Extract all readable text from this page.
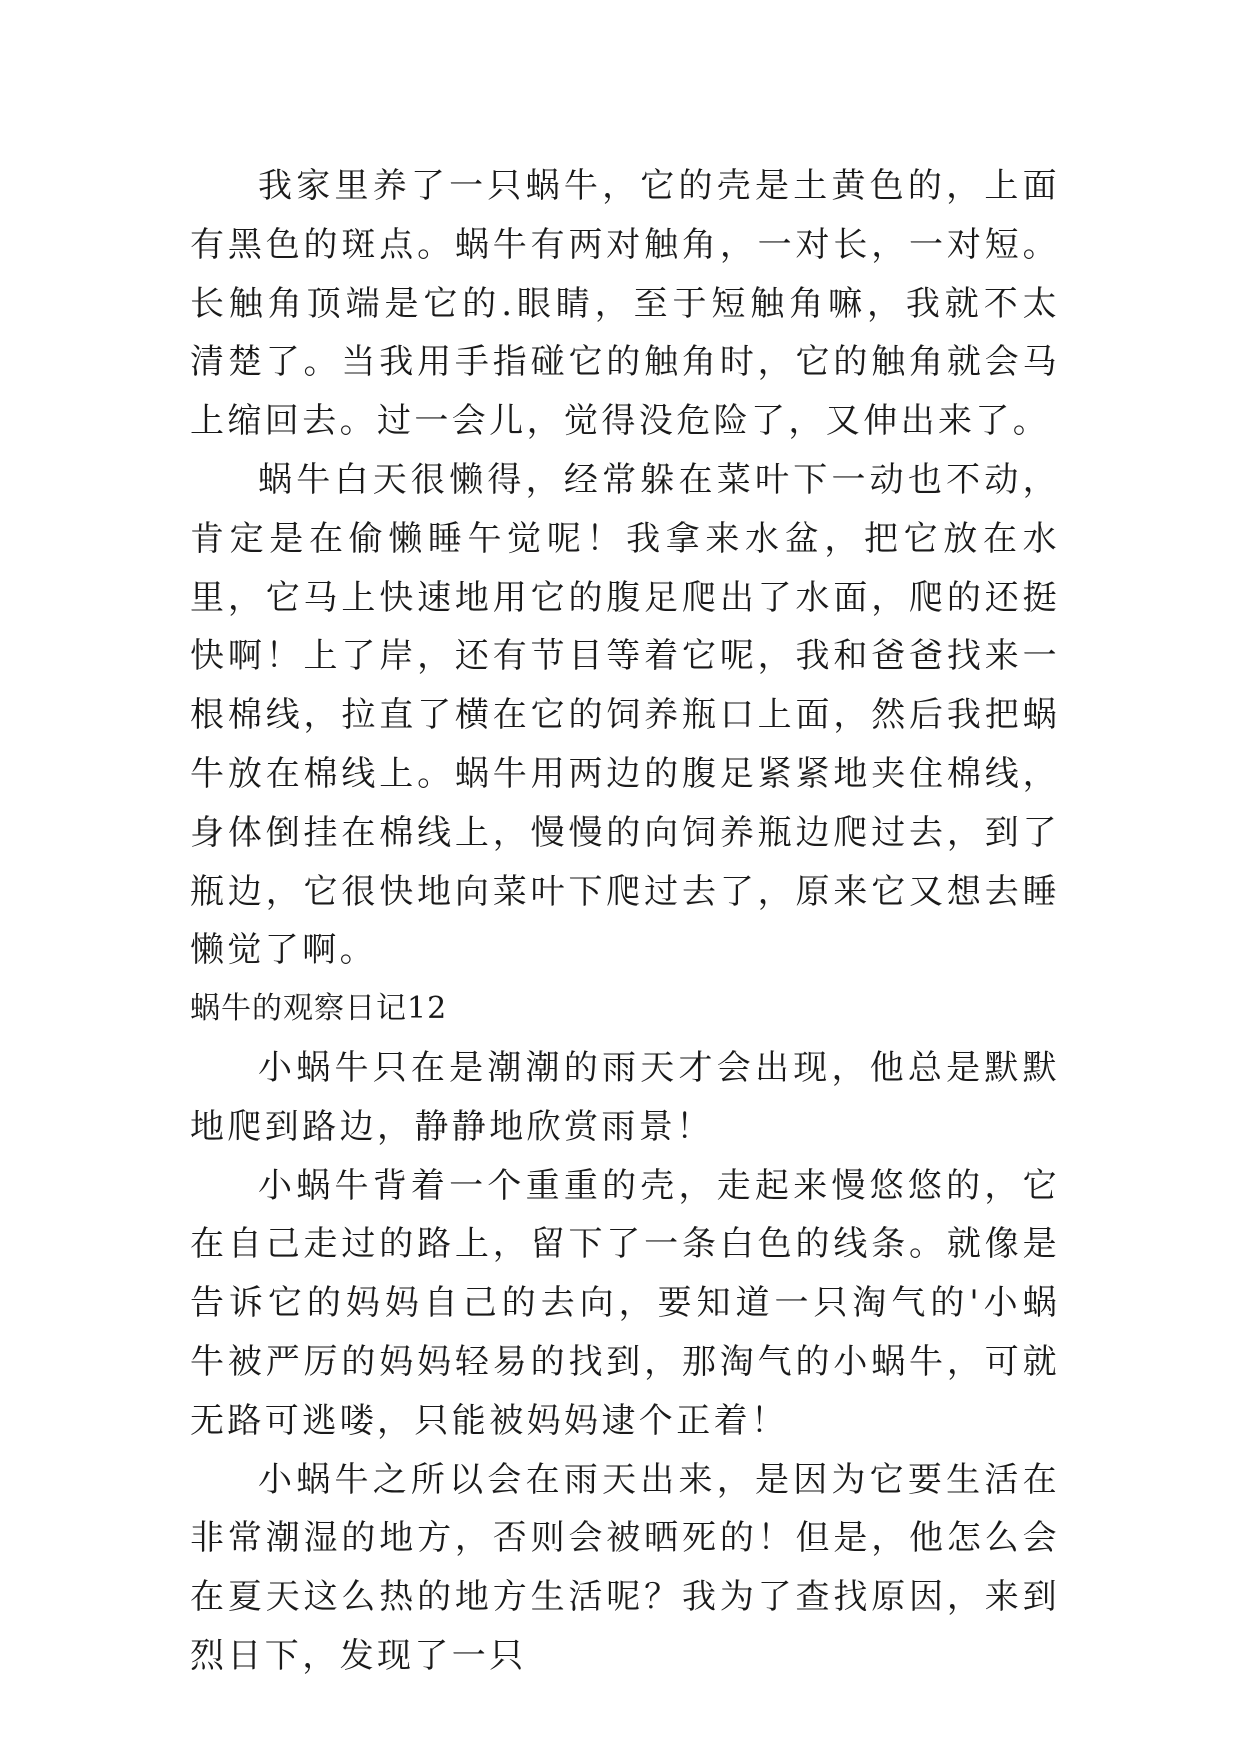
我家里养了一只蜗牛，它的壳是土黄色的，上面有黑色的斑点。蜗牛有两对触角，一对长，一对短。长触角顶端是它的.眼睛，至于短触角嘛，我就不太清楚了。当我用手指碰它的触角时，它的触角就会马上缩回去。过一会儿，觉得没危险了，又伸出来了。

蜗牛白天很懒得，经常躲在菜叶下一动也不动，肯定是在偷懒睡午觉呢！我拿来水盆，把它放在水里，它马上快速地用它的腹足爬出了水面，爬的还挺快啊！上了岸，还有节目等着它呢，我和爸爸找来一根棉线，拉直了横在它的饲养瓶口上面，然后我把蜗牛放在棉线上。蜗牛用两边的腹足紧紧地夹住棉线，身体倒挂在棉线上，慢慢的向饲养瓶边爬过去，到了瓶边，它很快地向菜叶下爬过去了，原来它又想去睡懒觉了啊。

蜗牛的观察日记12

小蜗牛只在是潮潮的雨天才会出现，他总是默默地爬到路边，静静地欣赏雨景！

小蜗牛背着一个重重的壳，走起来慢悠悠的，它在自己走过的路上，留下了一条白色的线条。就像是告诉它的妈妈自己的去向，要知道一只淘气的'小蜗牛被严厉的妈妈轻易的找到，那淘气的小蜗牛，可就无路可逃喽，只能被妈妈逮个正着！

小蜗牛之所以会在雨天出来，是因为它要生活在非常潮湿的地方，否则会被晒死的！但是，他怎么会在夏天这么热的地方生活呢？我为了查找原因，来到烈日下，发现了一只
